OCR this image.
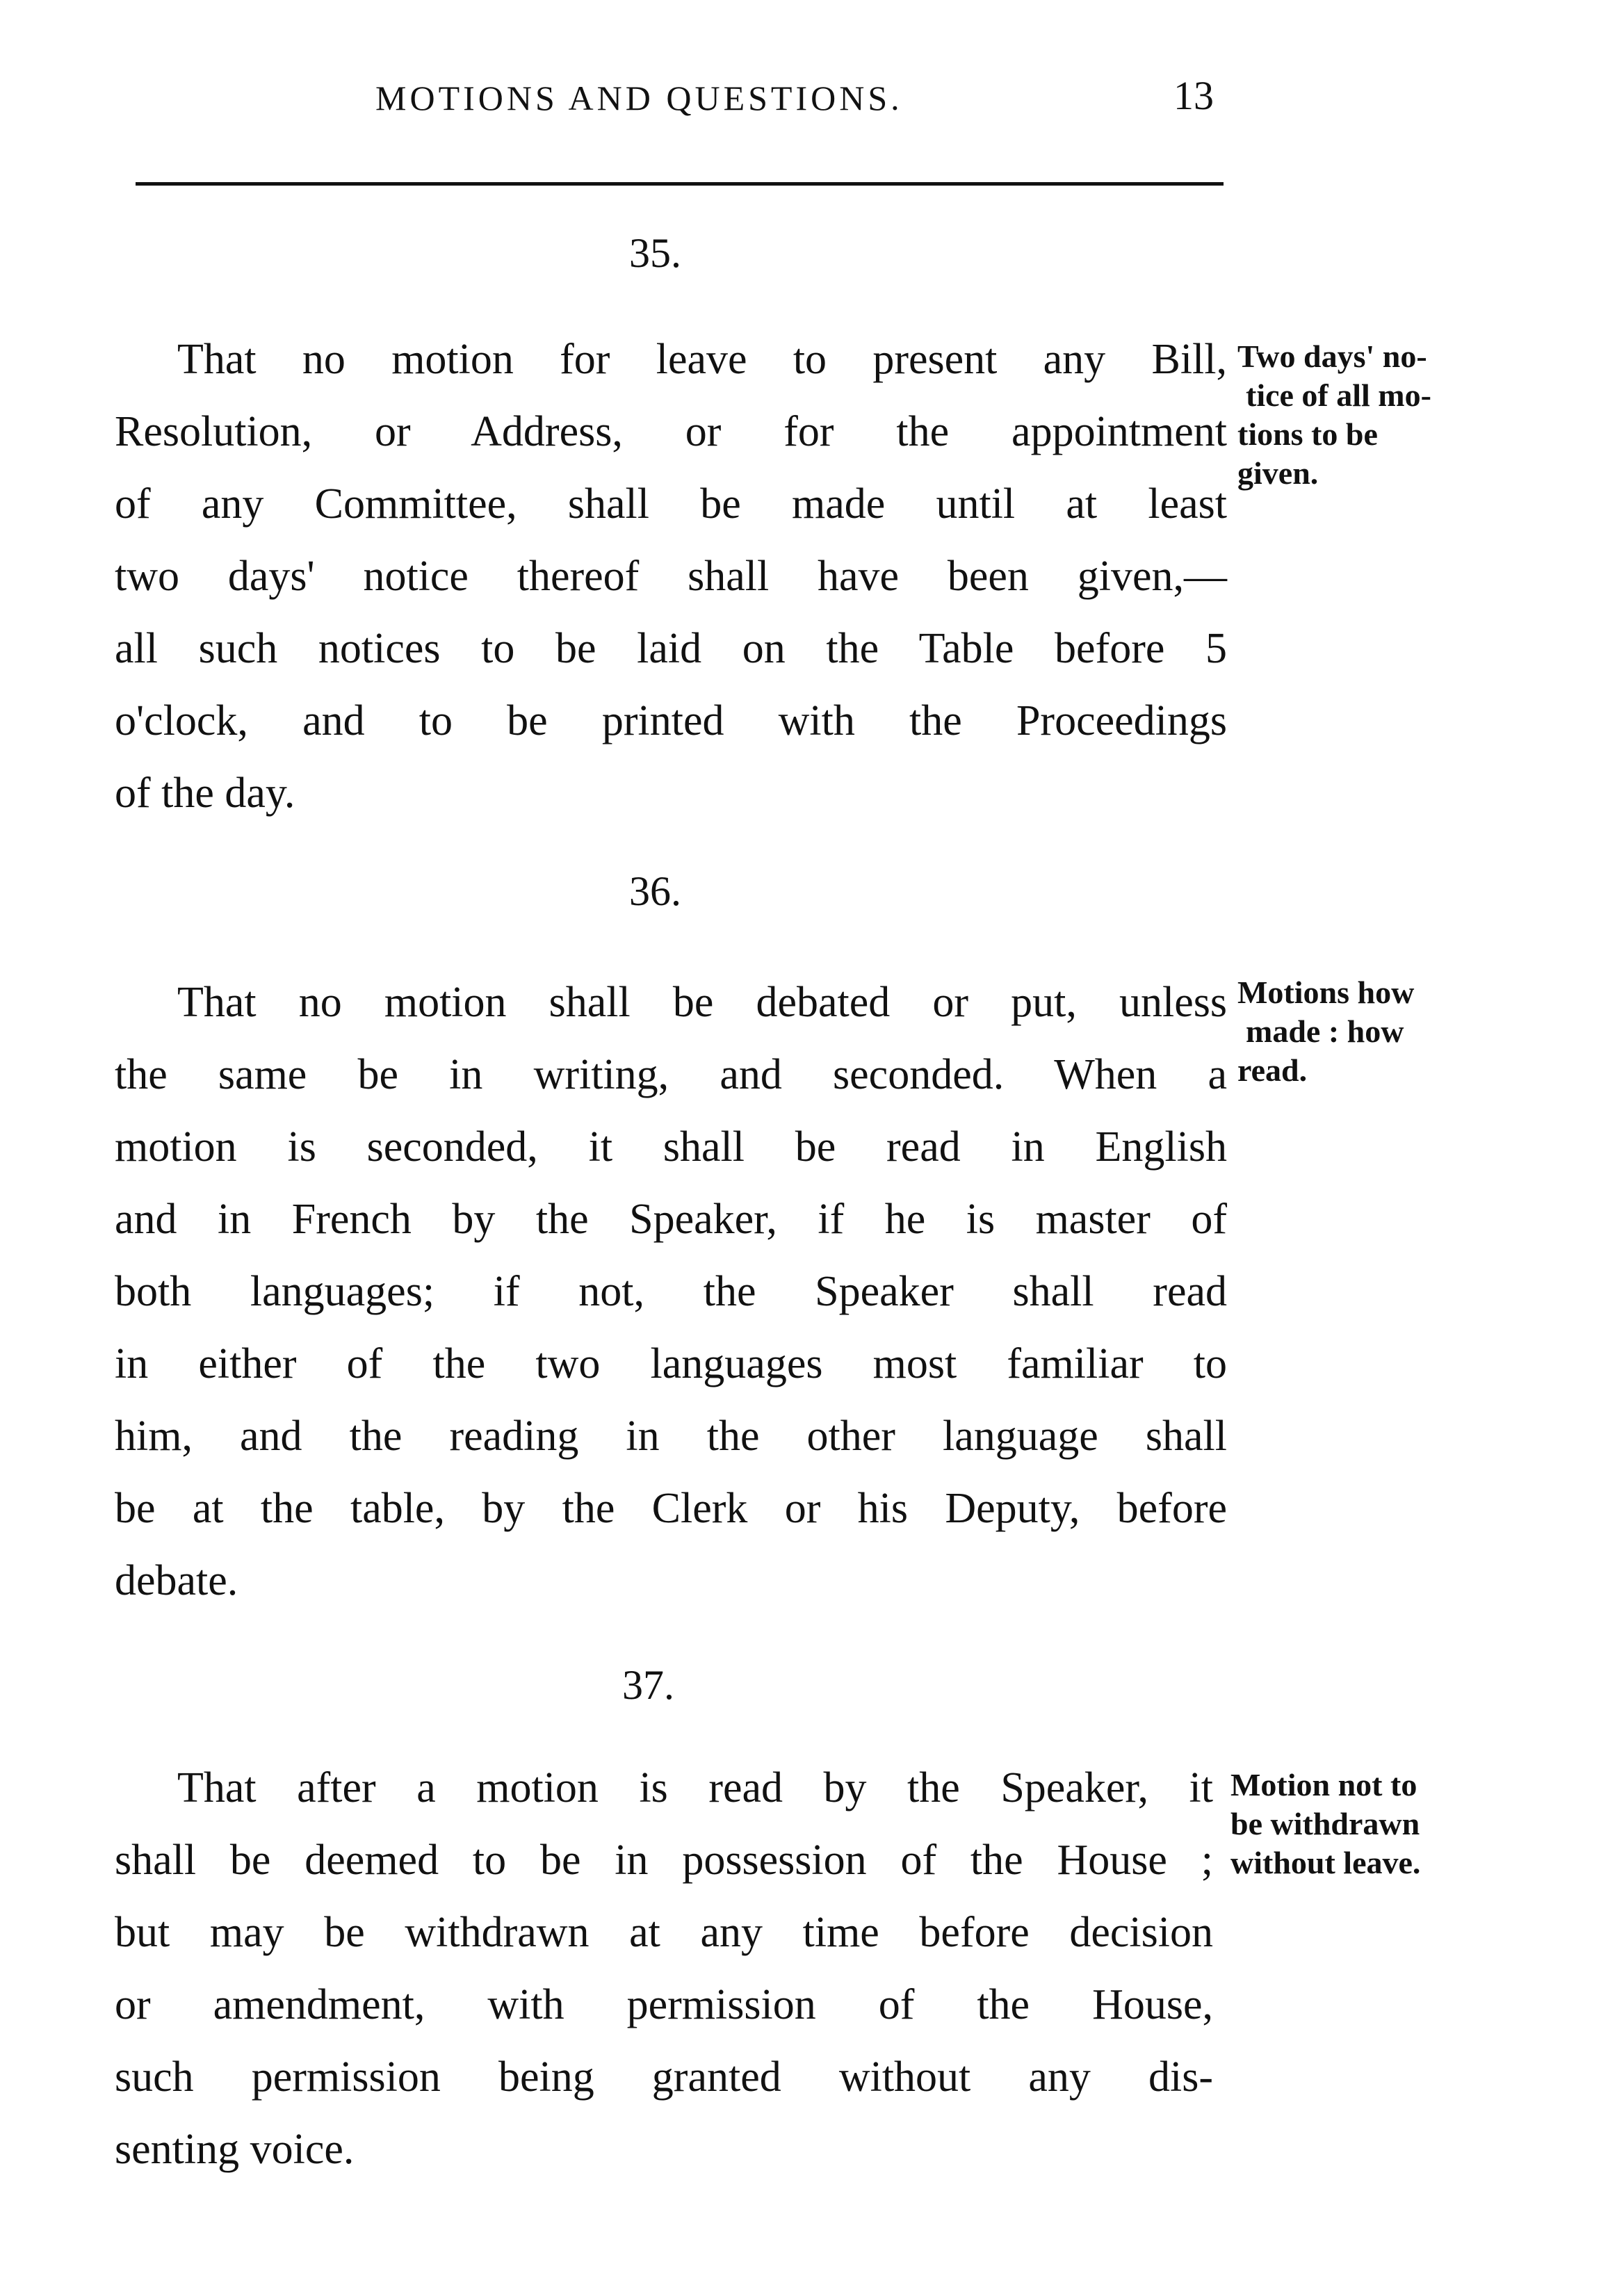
MOTIONS AND QUESTIONS.	13
35.
That no motion for leave to present any Bill,
Resolution, or Address, or for the appointment
of any Committee, shall be made until at least
two days' notice thereof shall have been given,—
all such notices to be laid on the Table before 5
o'clock, and to be printed with the Proceedings
of the day.
Two days' no-
tice of all mo-
tions to be
given.
36.
That no motion shall be debated or put, unless
the same be in writing, and seconded. When a
motion is seconded, it shall be read in English
and in French by the Speaker, if he is master of
both languages; if not, the Speaker shall read
in either of the two languages most familiar to
him, and the reading in the other language shall
be at the table, by the Clerk or his Deputy, before
debate.
Motions how
made : how
read.
37.
That after a motion is read by the Speaker, it
shall be deemed to be in possession of the House ;
but may be withdrawn at any time before decision
or amendment, with permission of the House,
such permission being granted without any dis-
senting voice.
Motion not to
be withdrawn
without leave.
